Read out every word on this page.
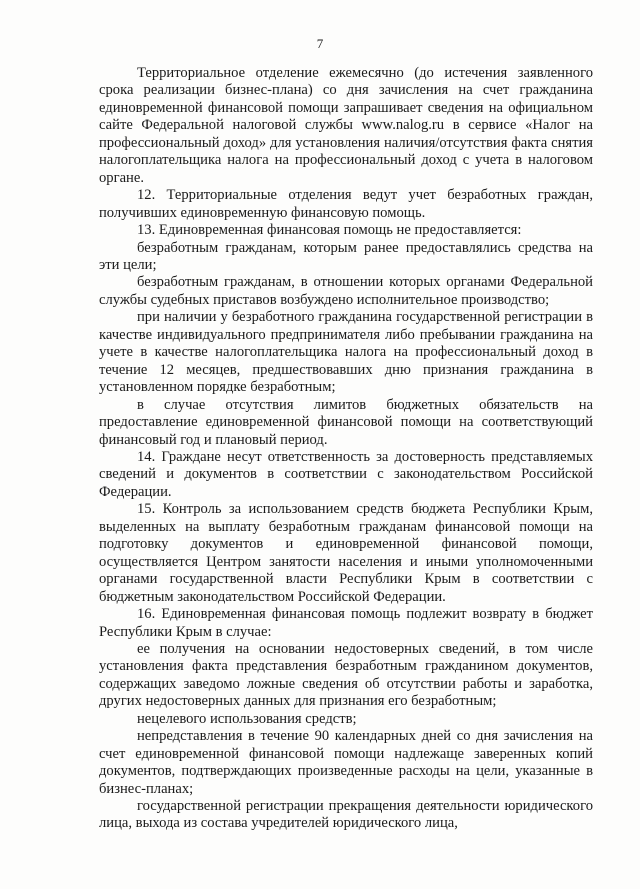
7

Территориальное отделение ежемесячно (до истечения заявленного срока реализации бизнес-плана) со дня зачисления на счет гражданина единовременной финансовой помощи запрашивает сведения на официальном сайте Федеральной налоговой службы www.nalog.ru в сервисе «Налог на профессиональный доход» для установления наличия/отсутствия факта снятия налогоплательщика налога на профессиональный доход с учета в налоговом органе.

12. Территориальные отделения ведут учет безработных граждан, получивших единовременную финансовую помощь.

13. Единовременная финансовая помощь не предоставляется:

безработным гражданам, которым ранее предоставлялись средства на эти цели;

безработным гражданам, в отношении которых органами Федеральной службы судебных приставов возбуждено исполнительное производство;

при наличии у безработного гражданина государственной регистрации в качестве индивидуального предпринимателя либо пребывании гражданина на учете в качестве налогоплательщика налога на профессиональный доход в течение 12 месяцев, предшествовавших дню признания гражданина в установленном порядке безработным;

в случае отсутствия лимитов бюджетных обязательств на предоставление единовременной финансовой помощи на соответствующий финансовый год и плановый период.

14. Граждане несут ответственность за достоверность представляемых сведений и документов в соответствии с законодательством Российской Федерации.

15. Контроль за использованием средств бюджета Республики Крым, выделенных на выплату безработным гражданам финансовой помощи на подготовку документов и единовременной финансовой помощи, осуществляется Центром занятости населения и иными уполномоченными органами государственной власти Республики Крым в соответствии с бюджетным законодательством Российской Федерации.

16. Единовременная финансовая помощь подлежит возврату в бюджет Республики Крым в случае:

ее получения на основании недостоверных сведений, в том числе установления факта представления безработным гражданином документов, содержащих заведомо ложные сведения об отсутствии работы и заработка, других недостоверных данных для признания его безработным;

нецелевого использования средств;

непредставления в течение 90 календарных дней со дня зачисления на счет единовременной финансовой помощи надлежаще заверенных копий документов, подтверждающих произведенные расходы на цели, указанные в бизнес-планах;

государственной регистрации прекращения деятельности юридического лица, выхода из состава учредителей юридического лица,
